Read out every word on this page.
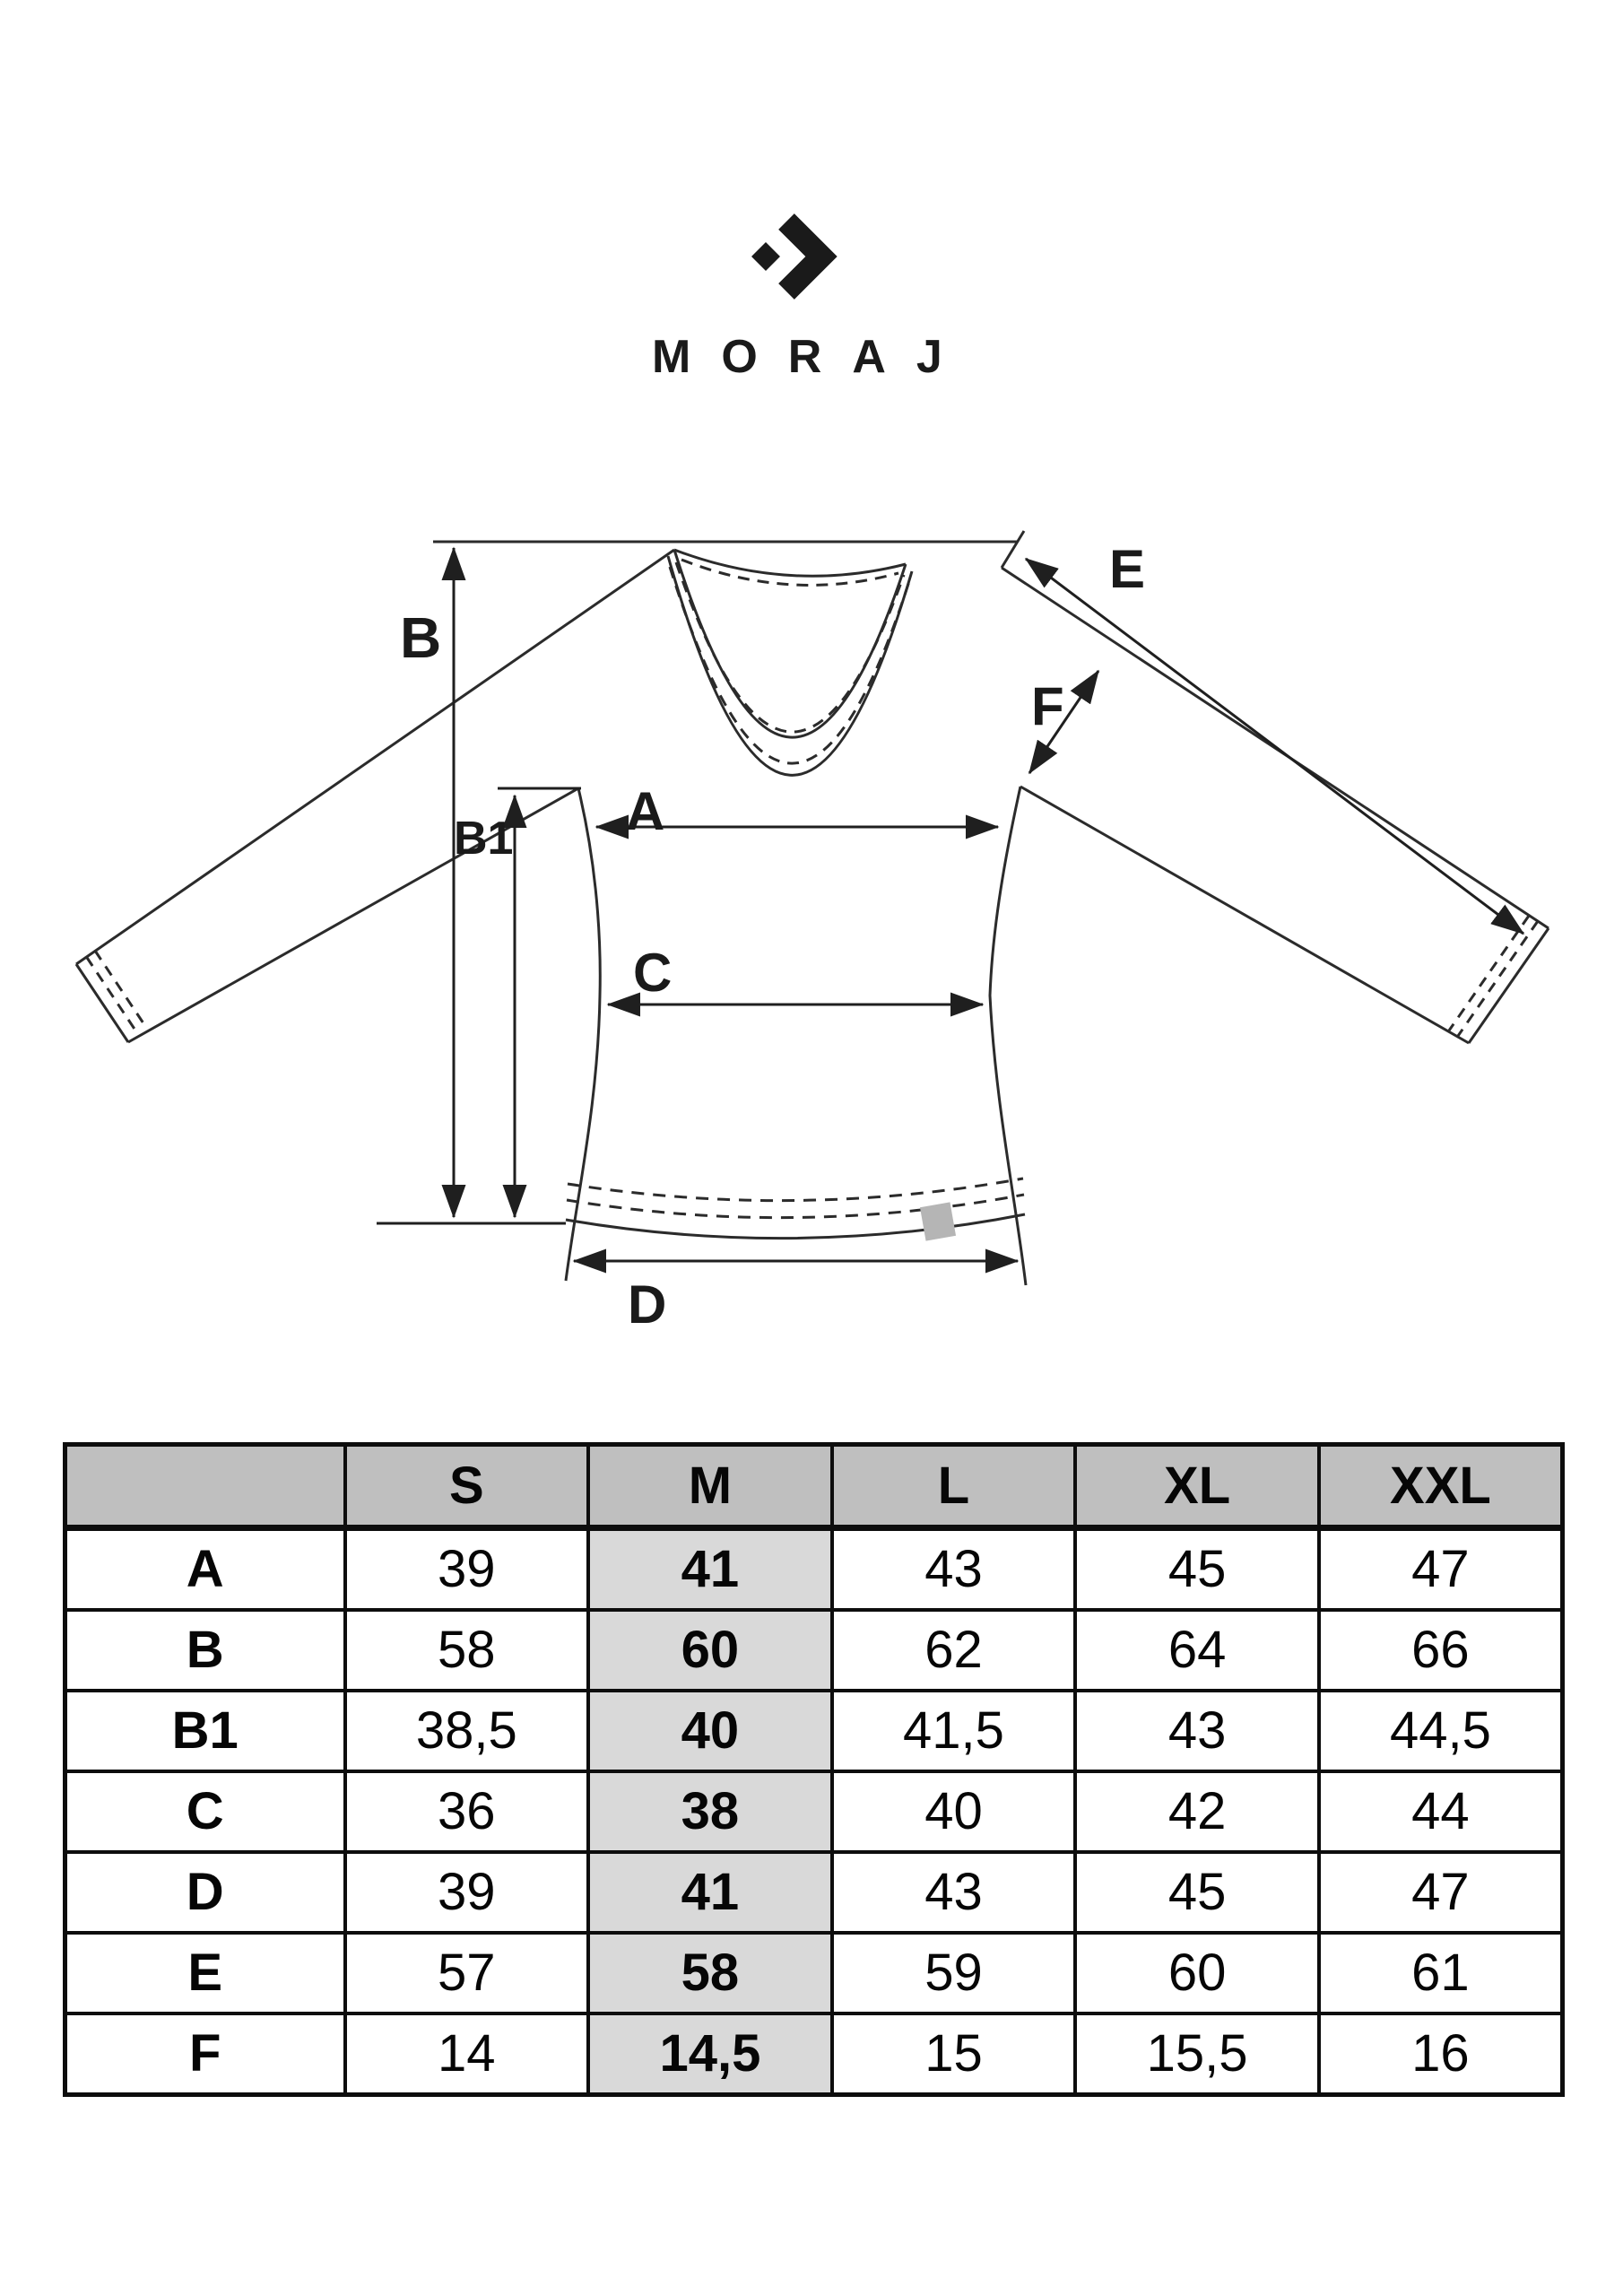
MORAJ
B
B1 A
C
D
E
F
	S	M	L	XL	XXL
A	39	41	43	45	47
B	58	60	62	64	66
B1	38,5	40	41,5	43	44,5
C	36	38	40	42	44
D	39	41	43	45	47
E	57	58	59	60	61
F	14	14,5	15	15,5	16
